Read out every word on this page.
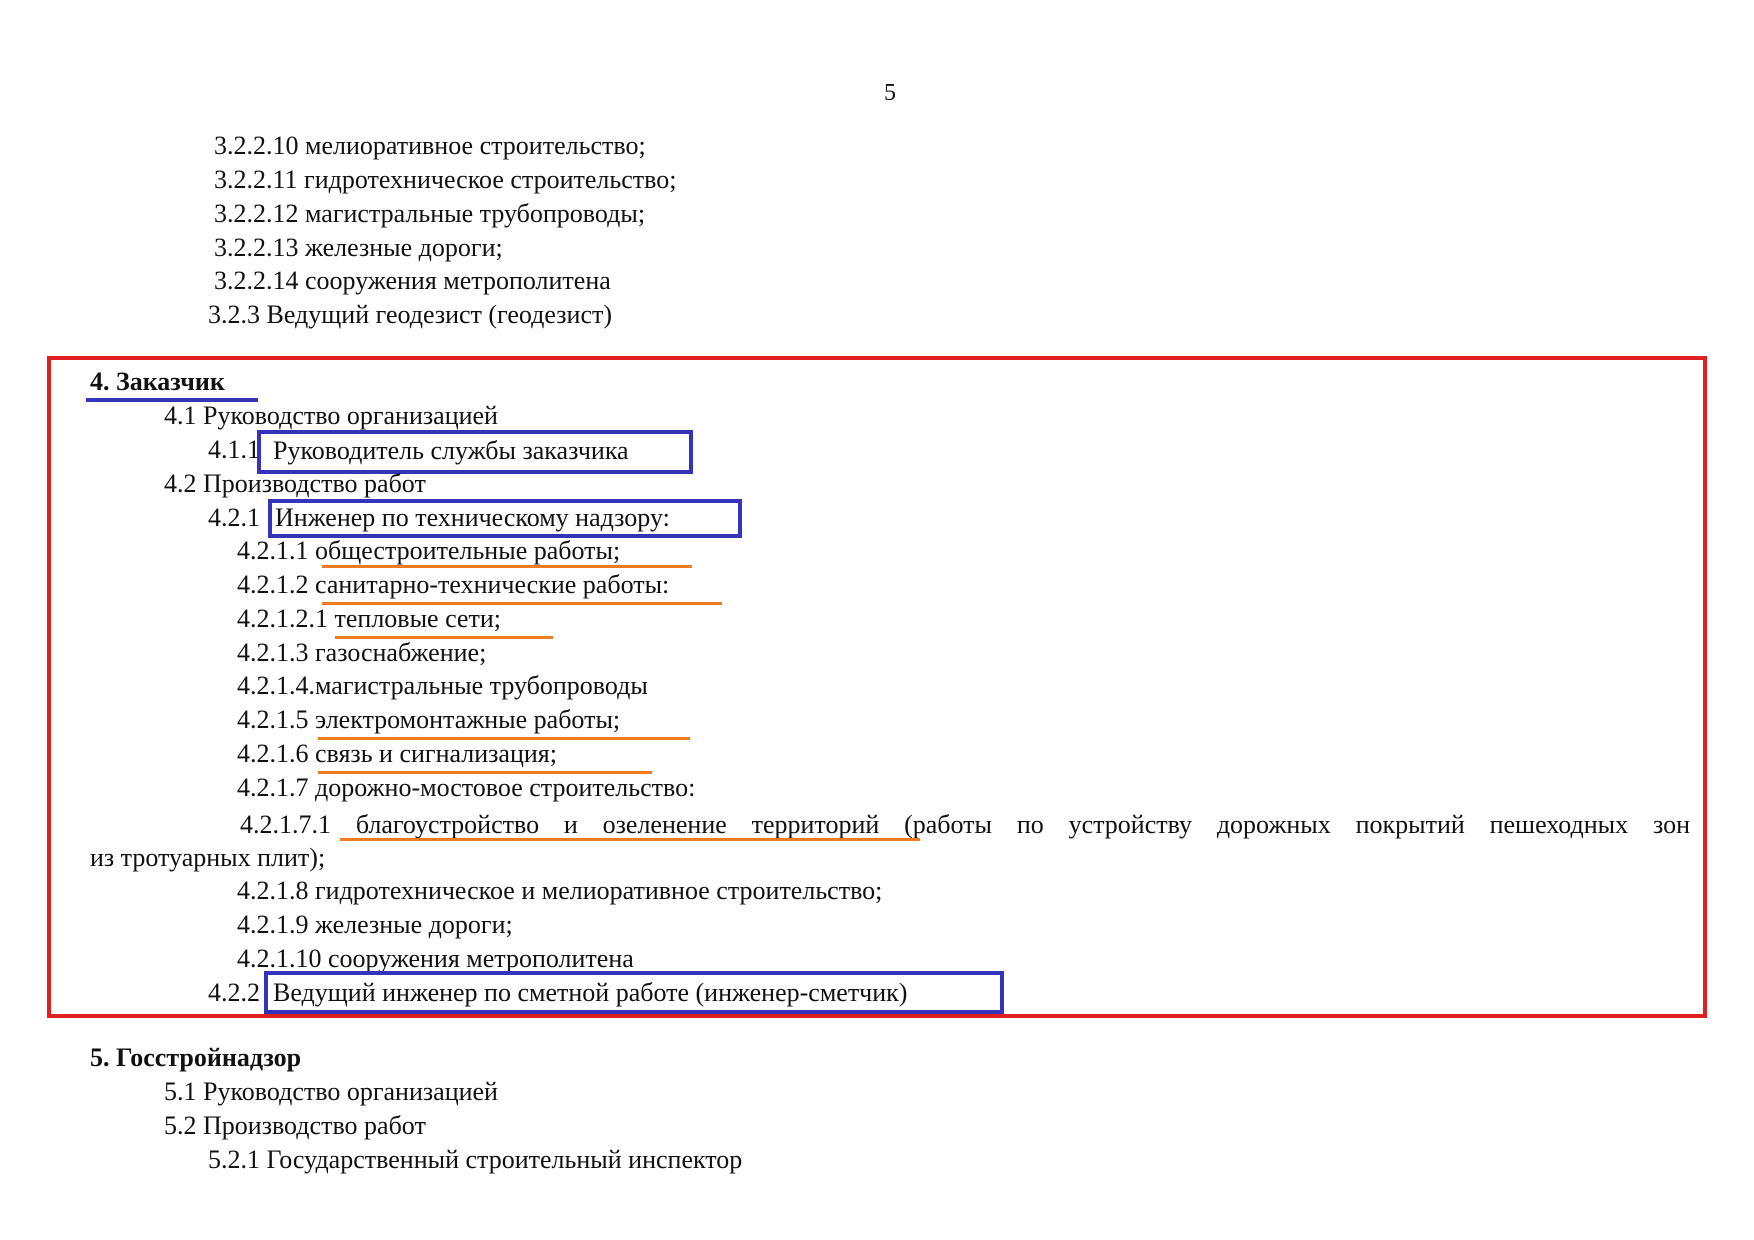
5
3.2.2.10 мелиоративное строительство;
3.2.2.11 гидротехническое строительство;
3.2.2.12 магистральные трубопроводы;
3.2.2.13 железные дороги;
3.2.2.14 сооружения метрополитена
3.2.3 Ведущий геодезист (геодезист)
4. Заказчик
4.1 Руководство организацией
4.1.1 Руководитель службы заказчика
4.2 Производство работ
4.2.1 Инженер по техническому надзору:
4.2.1.1 общестроительные работы;
4.2.1.2 санитарно-технические работы:
4.2.1.2.1 тепловые сети;
4.2.1.3 газоснабжение;
4.2.1.4.магистральные трубопроводы
4.2.1.5 электромонтажные работы;
4.2.1.6 связь и сигнализация;
4.2.1.7 дорожно-мостовое строительство:
4.2.1.7.1 благоустройство и озеленение территорий (работы по устройству дорожных покрытий пешеходных зон
из тротуарных плит);
4.2.1.8 гидротехническое и мелиоративное строительство;
4.2.1.9 железные дороги;
4.2.1.10 сооружения метрополитена
4.2.2 Ведущий инженер по сметной работе (инженер-сметчик)
5. Госстройнадзор
5.1 Руководство организацией
5.2 Производство работ
5.2.1 Государственный строительный инспектор
